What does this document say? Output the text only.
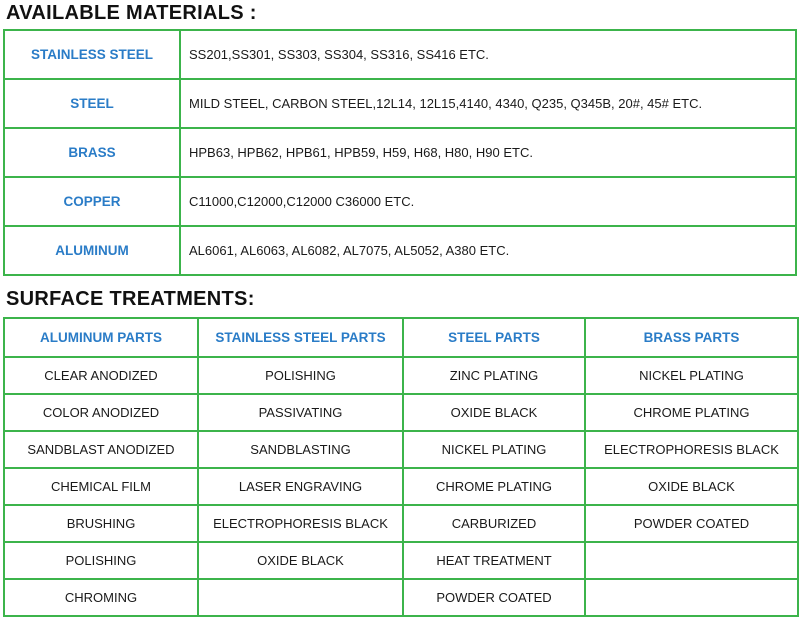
AVAILABLE MATERIALS :
STAINLESS STEEL	SS201,SS301, SS303, SS304, SS316, SS416 ETC.
STEEL	MILD STEEL, CARBON STEEL,12L14, 12L15,4140, 4340, Q235, Q345B, 20#, 45# ETC.
BRASS	HPB63, HPB62, HPB61, HPB59, H59, H68, H80, H90 ETC.
COPPER	C11000,C12000,C12000 C36000 ETC.
ALUMINUM	AL6061, AL6063, AL6082, AL7075, AL5052, A380 ETC.
SURFACE TREATMENTS:
ALUMINUM PARTS	STAINLESS STEEL PARTS	STEEL PARTS	BRASS PARTS
CLEAR ANODIZED	POLISHING	ZINC PLATING	NICKEL PLATING
COLOR ANODIZED	PASSIVATING	OXIDE BLACK	CHROME PLATING
SANDBLAST ANODIZED	SANDBLASTING	NICKEL PLATING	ELECTROPHORESIS BLACK
CHEMICAL FILM	LASER ENGRAVING	CHROME PLATING	OXIDE BLACK
BRUSHING	ELECTROPHORESIS BLACK	CARBURIZED	POWDER COATED
POLISHING	OXIDE BLACK	HEAT TREATMENT	
CHROMING		POWDER COATED	
